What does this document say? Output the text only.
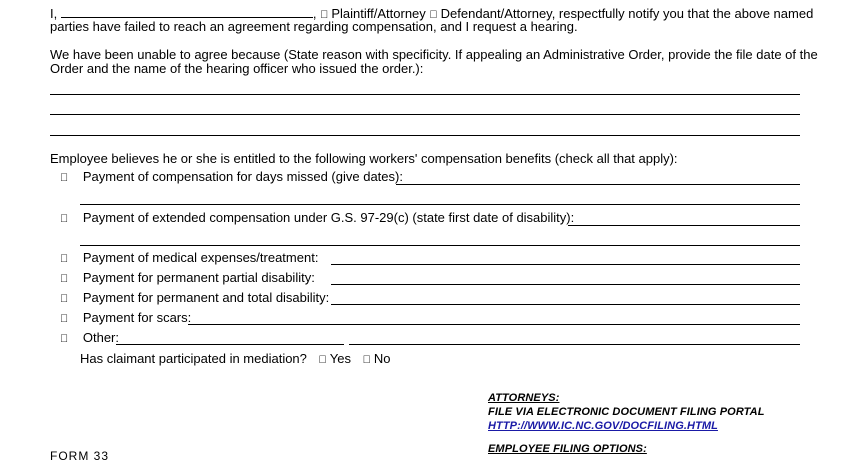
I,	, Plaintiff/Attorney Defendant/Attorney, respectfully notify you that the above named
parties have failed to reach an agreement regarding compensation, and I request a hearing.
We have been unable to agree because (State reason with specificity. If appealing an Administrative Order, provide the file date of the
Order and the name of the hearing officer who issued the order.):
Employee believes he or she is entitled to the following workers' compensation benefits (check all that apply):
Payment of compensation for days missed (give dates):
Payment of extended compensation under G.S. 97-29(c) (state first date of disability):
Payment of medical expenses/treatment:
Payment for permanent partial disability:
Payment for permanent and total disability:
Payment for scars:
Other:
Has claimant participated in mediation? Yes No
ATTORNEYS:
FILE VIA ELECTRONIC DOCUMENT FILING PORTAL
HTTP://WWW.IC.NC.GOV/DOCFILING.HTML
EMPLOYEE FILING OPTIONS:
FORM 33
